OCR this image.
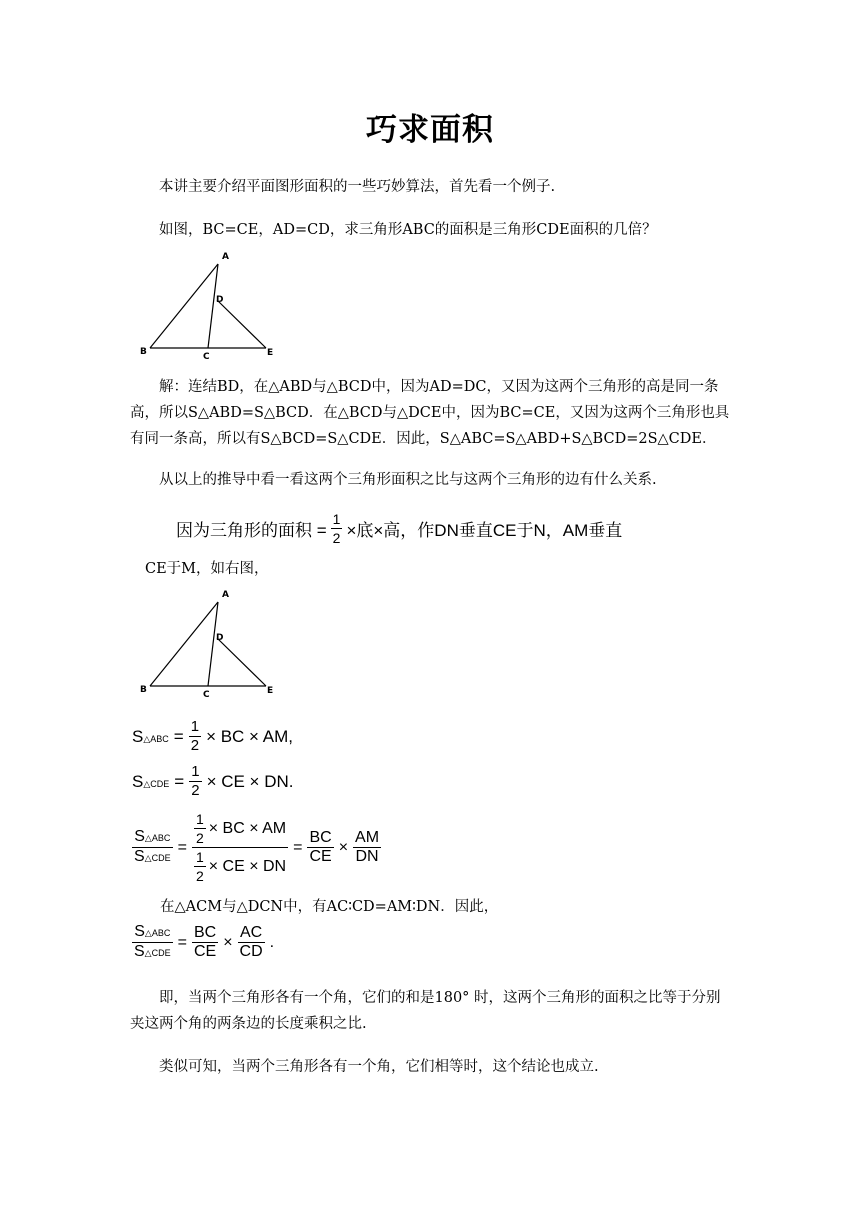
巧求面积
本讲主要介绍平面图形面积的一些巧妙算法，首先看一个例子.
如图，BC=CE，AD=CD，求三角形ABC的面积是三角形CDE面积的几倍？
A
B	C
D
E
解：连结BD，在△ABD与△BCD中，因为AD=DC，又因为这两个三角形的高是同一条高，所以S△ABD=S△BCD．在△BCD与△DCE中，因为BC=CE，又因为这两个三角形也具有同一条高，所以有S△BCD=S△CDE．因此，S△ABC=S△ABD+S△BCD=2S△CDE．
从以上的推导中看一看这两个三角形面积之比与这两个三角形的边有什么关系.
因为三角形的面积 = $\frac{1}{2}$ ×底×高，作DN垂直CE于N，AM垂直
CE于M，如右图，
A
B	C
D
E
S△ABC = $\frac{1}{2}$ × BC × AM,
S△CDE = $\frac{1}{2}$ × CE × DN.
$\frac{\text{S△ABC}}{\text{S△CDE}} = \frac{\frac{1}{2} \times BC \times AM}{\frac{1}{2} \times CE \times DN} = \frac{BC}{CE} \times \frac{AM}{DN}$
在△ACM与△DCN中，有AC∶CD=AM∶DN．因此，
$\frac{\text{S△ABC}}{\text{S△CDE}} = \frac{BC}{CE} \times \frac{AC}{CD}$ .
即，当两个三角形各有一个角，它们的和是180° 时，这两个三角形的面积之比等于分别夹这两个角的两条边的长度乘积之比.
类似可知，当两个三角形各有一个角，它们相等时，这个结论也成立.
